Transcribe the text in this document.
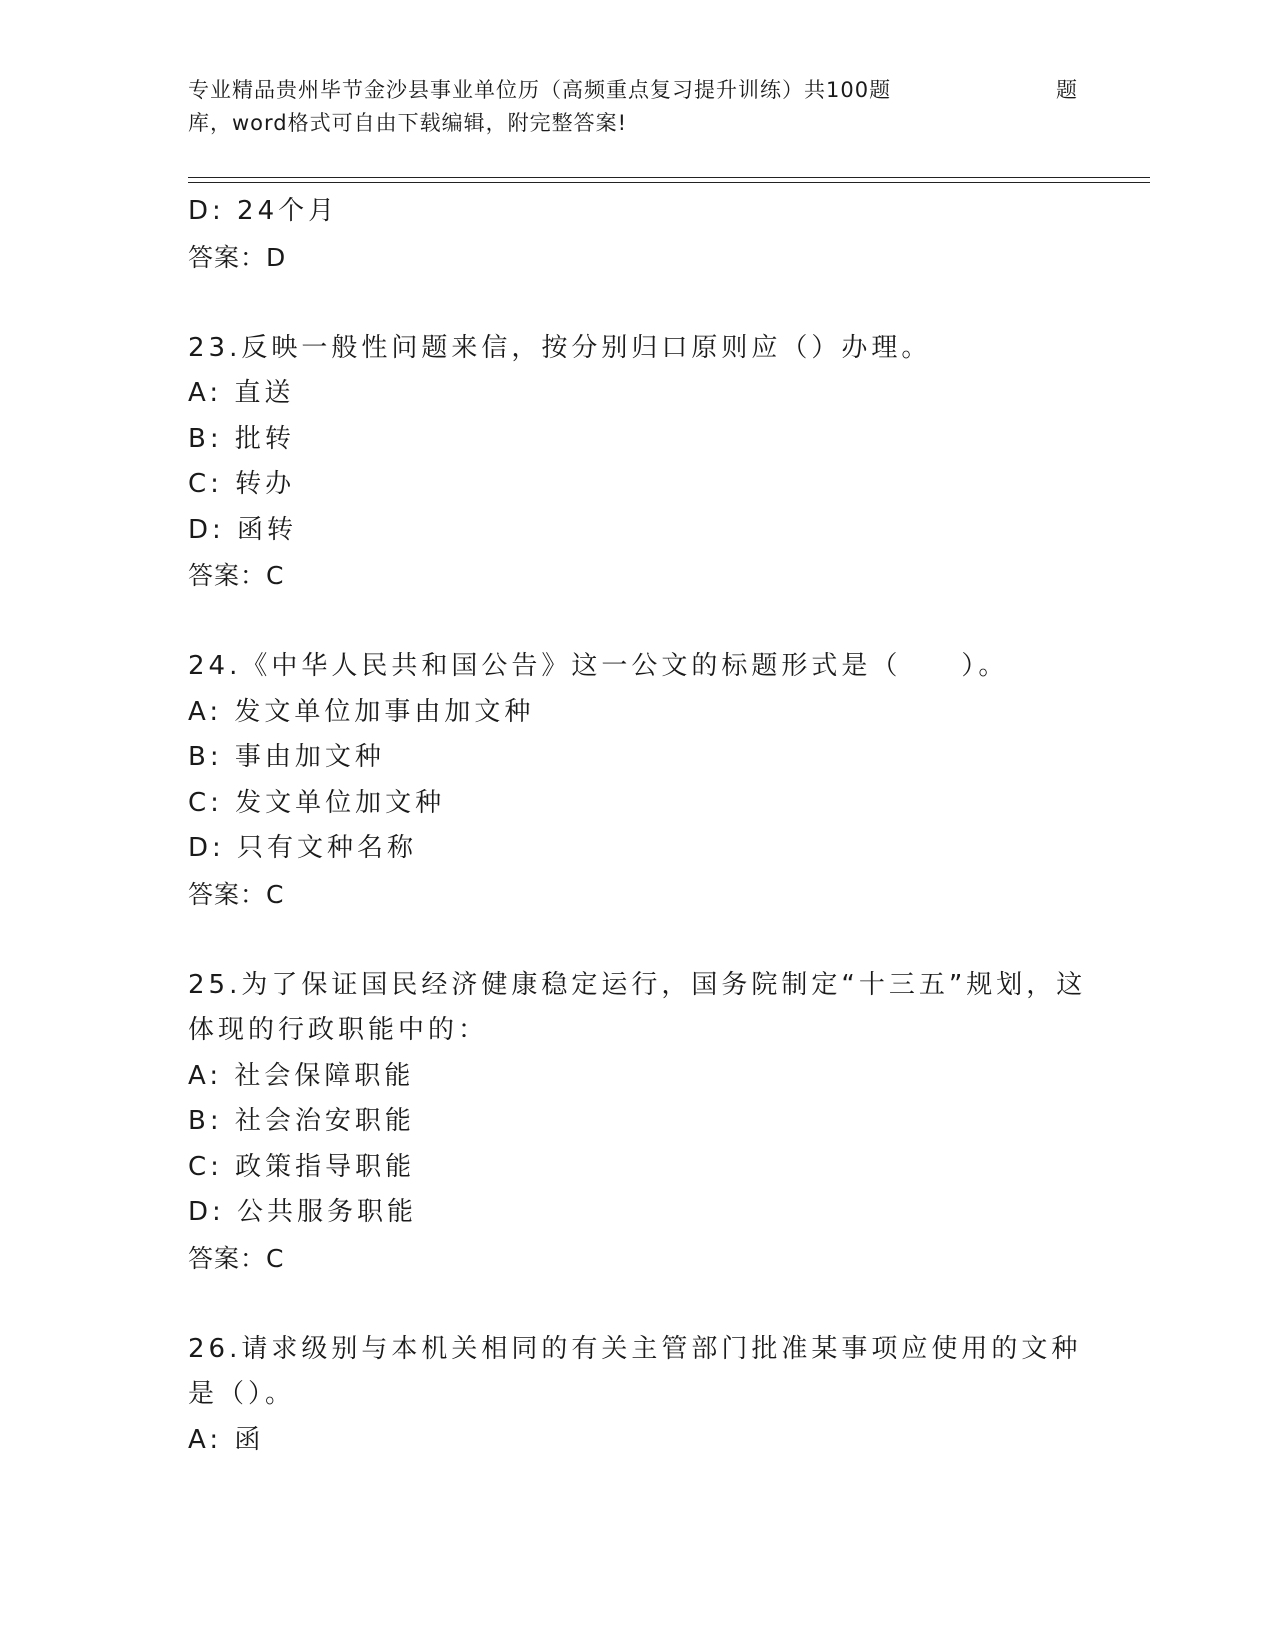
专业精品贵州毕节金沙县事业单位历（高频重点复习提升训练）共100题	题
库，word格式可自由下载编辑，附完整答案!
D: 24个月
答案：D
23.反映一般性问题来信，按分别归口原则应（）办理。
A: 直送
B: 批转
C: 转办
D: 函转
答案：C
24.《中华人民共和国公告》这一公文的标题形式是（　　）。
A: 发文单位加事由加文种
B: 事由加文种
C: 发文单位加文种
D: 只有文种名称
答案：C
25.为了保证国民经济健康稳定运行，国务院制定“十三五”规划，这体现的行政职能中的：
A: 社会保障职能
B: 社会治安职能
C: 政策指导职能
D: 公共服务职能
答案：C
26.请求级别与本机关相同的有关主管部门批准某事项应使用的文种是（）。
A: 函
